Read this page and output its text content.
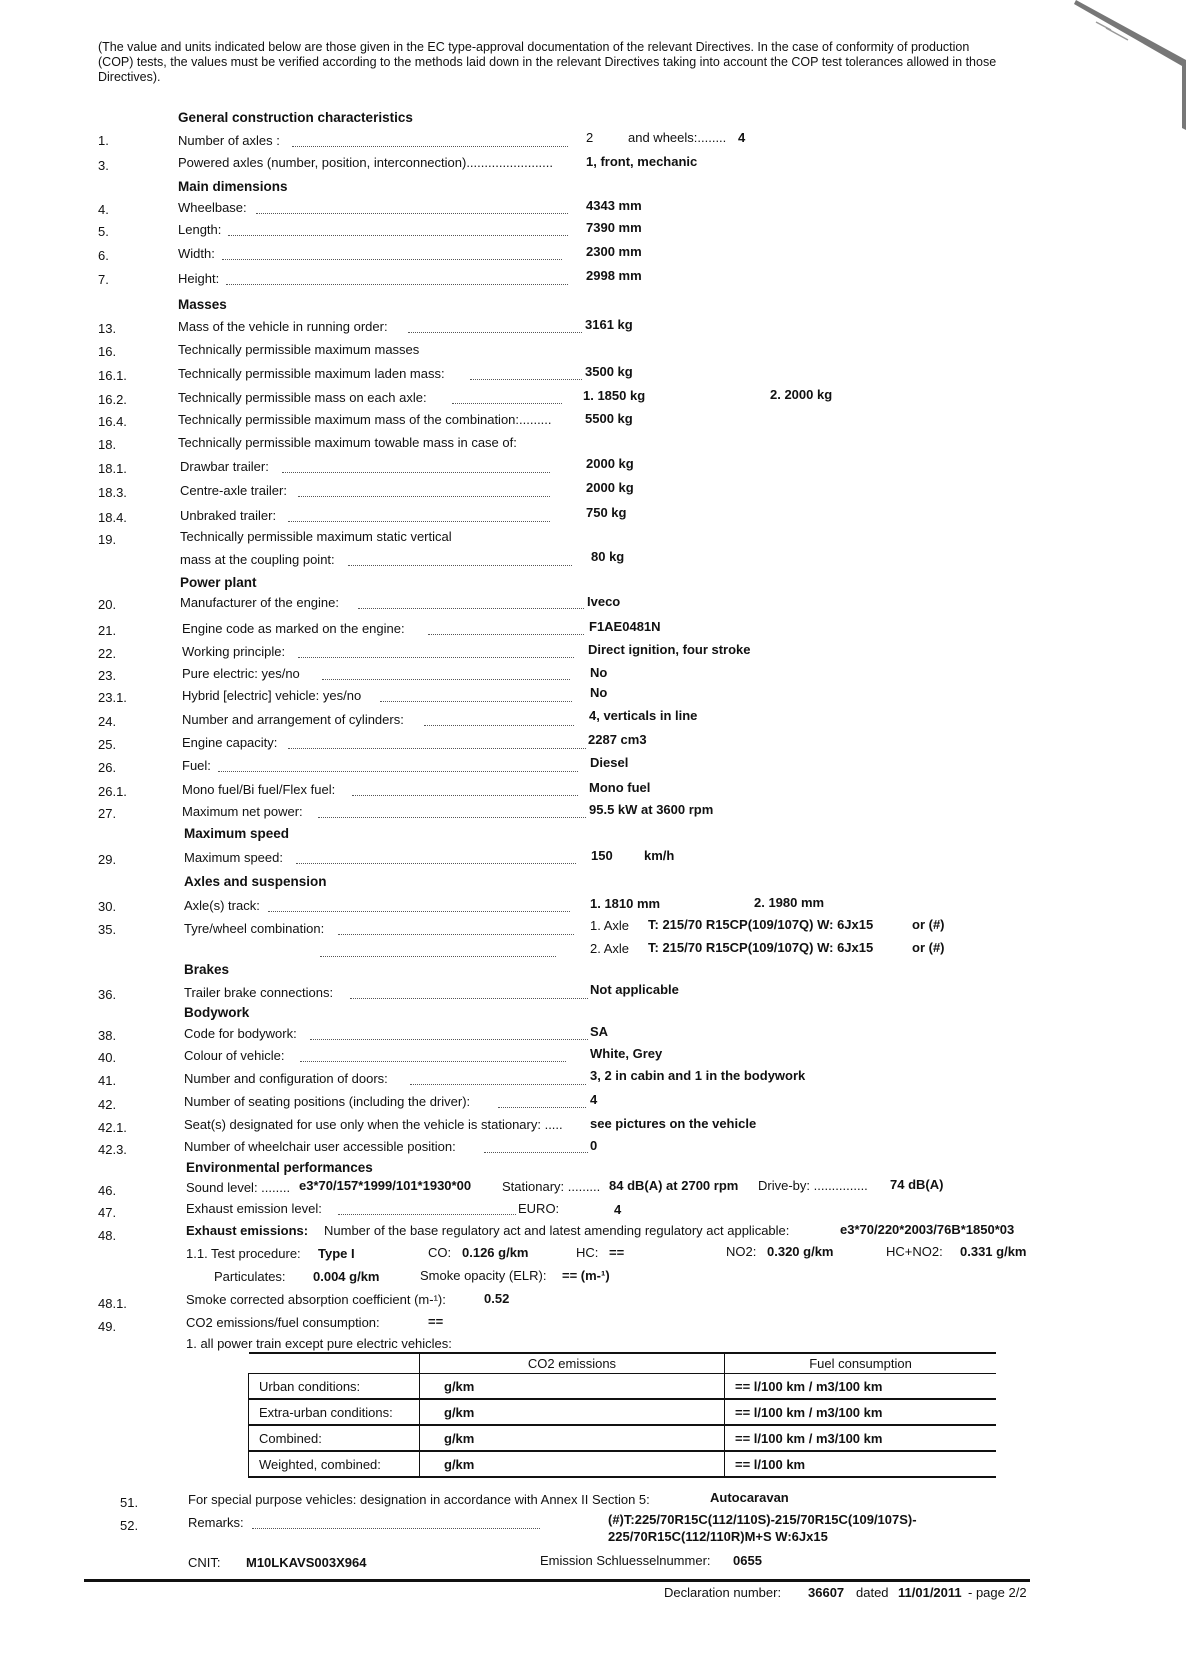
(The value and units indicated below are those given in the EC type-approval documentation of the relevant Directives. In the case of conformity of production (COP) tests, the values must be verified according to the methods laid down in the relevant Directives taking into account the COP test tolerances allowed in those Directives).
General construction characteristics
1.	Number of axles :	2	and wheels:........ 4
3.	Powered axles (number, position, interconnection)........................	1, front, mechanic
Main dimensions
4.	Wheelbase:	4343 mm
5.	Length:	7390 mm
6.	Width:	2300 mm
7.	Height:	2998 mm
Masses
13.	Mass of the vehicle in running order:	3161 kg
16.	Technically permissible maximum masses
16.1.	Technically permissible maximum laden mass:	3500 kg
16.2.	Technically permissible mass on each axle:	1. 1850 kg	2. 2000 kg
16.4.	Technically permissible maximum mass of the combination:.........	5500 kg
18.	Technically permissible maximum towable mass in case of:
18.1.	Drawbar trailer:	2000 kg
18.3.	Centre-axle trailer:	2000 kg
18.4.	Unbraked trailer:	750 kg
19.	Technically permissible maximum static vertical
mass at the coupling point:	80 kg
Power plant
20.	Manufacturer of the engine:	Iveco
21.	Engine code as marked on the engine:	F1AE0481N
22.	Working principle:	Direct ignition, four stroke
23.	Pure electric: yes/no	No
23.1.	Hybrid [electric] vehicle: yes/no	No
24.	Number and arrangement of cylinders:	4, verticals in line
25.	Engine capacity:	2287 cm3
26.	Fuel:	Diesel
26.1.	Mono fuel/Bi fuel/Flex fuel:	Mono fuel
27.	Maximum net power:	95.5 kW at 3600 rpm
Maximum speed
29.	Maximum speed:	150 km/h
Axles and suspension
30.	Axle(s) track:	1. 1810 mm	2. 1980 mm
35.	Tyre/wheel combination:	1. Axle T: 215/70 R15CP(109/107Q) W: 6Jx15	or (#)
2. Axle T: 215/70 R15CP(109/107Q) W: 6Jx15	or (#)
Brakes
36.	Trailer brake connections:	Not applicable
Bodywork
38.	Code for bodywork:	SA
40.	Colour of vehicle:	White, Grey
41.	Number and configuration of doors:	3, 2 in cabin and 1 in the bodywork
42.	Number of seating positions (including the driver):	4
42.1.	Seat(s) designated for use only when the vehicle is stationary: ..... see pictures on the vehicle
42.3.	Number of wheelchair user accessible position:	0
Environmental performances
46.	Sound level: ........ e3*70/157*1999/101*1930*00 Stationary: ......... 84 dB(A) at 2700 rpm Drive-by: ............... 74 dB(A)
47.	Exhaust emission level:	EURO:	4
48.	Exhaust emissions: Number of the base regulatory act and latest amending regulatory act applicable:	e3*70/220*2003/76B*1850*03
1.1. Test procedure: Type I	CO: 0.126 g/km	HC: ==	NO2: 0.320 g/km	HC+NO2: 0.331 g/km
Particulates: 0.004 g/km	Smoke opacity (ELR): == (m-¹)
48.1.	Smoke corrected absorption coefficient (m-¹):	0.52
49.	CO2 emissions/fuel consumption:	==
1. all power train except pure electric vehicles:
	CO2 emissions	Fuel consumption
Urban conditions:	g/km	== l/100 km / m3/100 km
Extra-urban conditions:	g/km	== l/100 km / m3/100 km
Combined:	g/km	== l/100 km / m3/100 km
Weighted, combined:	g/km	== l/100 km
51.	For special purpose vehicles: designation in accordance with Annex II Section 5:	Autocaravan
52.	Remarks:	(#)T:225/70R15C(112/110S)-215/70R15C(109/107S)-
225/70R15C(112/110R)M+S W:6Jx15
CNIT: M10LKAVS003X964	Emission Schluesselnummer: 0655
Declaration number: 36607 dated 11/01/2011 - page 2/2
